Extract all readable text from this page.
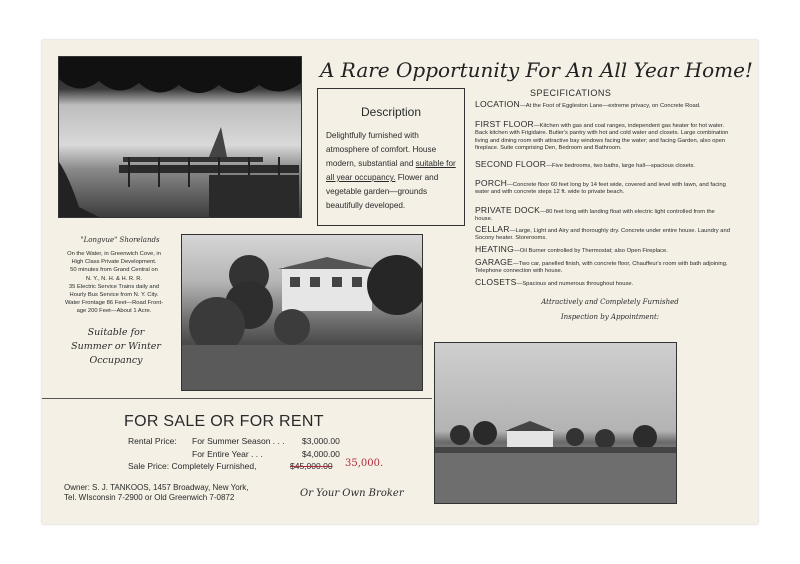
A Rare Opportunity For An All Year Home!
Description
Delightfully furnished with atmosphere of comfort. House modern, substantial and suitable for all year occupancy. Flower and vegetable garden—grounds beautifully developed.
SPECIFICATIONS
LOCATION—At the Foot of Eggleston Lane—extreme privacy, on Concrete Road.
FIRST FLOOR—Kitchen with gas and coal ranges, independent gas heater for hot water. Back kitchen with Frigidaire. Butler's pantry with hot and cold water and closets. Large combination living and dining room with attractive bay windows facing the water; and facing Garden, also open fireplace. Suite comprising Den, Bedroom and Bathroom.
SECOND FLOOR—Five bedrooms, two baths, large hall—spacious closets.
PORCH—Concrete floor 60 feet long by 14 feet wide, covered and level with lawn, and facing water and with concrete steps 12 ft. wide to private beach.
PRIVATE DOCK—80 feet long with landing float with electric light controlled from the house.
CELLAR—Large, Light and Airy and thoroughly dry. Concrete under entire house. Laundry and Socony heater. Storerooms.
HEATING—Oil Burner controlled by Thermostat; also Open Fireplace.
GARAGE—Two car, panelled finish, with concrete floor, Chauffeur's room with bath adjoining. Telephone connection with house.
CLOSETS—Spacious and numerous throughout house.
Attractively and Completely Furnished
Inspection by Appointment:
"Longvue" Shorelands
On the Water, in Greenwich Cove, in
High Class Private Development.
50 minutes from Grand Central on
N. Y., N. H. & H. R. R.
35 Electric Service Trains daily and
Hourly Bus Service from N. Y. City.
Water Frontage 86 Feet—Road Front-
age 200 Feet—About 1 Acre.
Suitable for
Summer or Winter
Occupancy
FOR SALE OR FOR RENT
Rental Price: For Summer Season . . . $3,000.00
For Entire Year . . .	$4,000.00
Sale Price: Completely Furnished,	$45,000.00 35,000.
Owner: S. J. TANKOOS, 1457 Broadway, New York,
Tel. WIsconsin 7-2900 or Old Greenwich 7-0872	Or Your Own Broker
